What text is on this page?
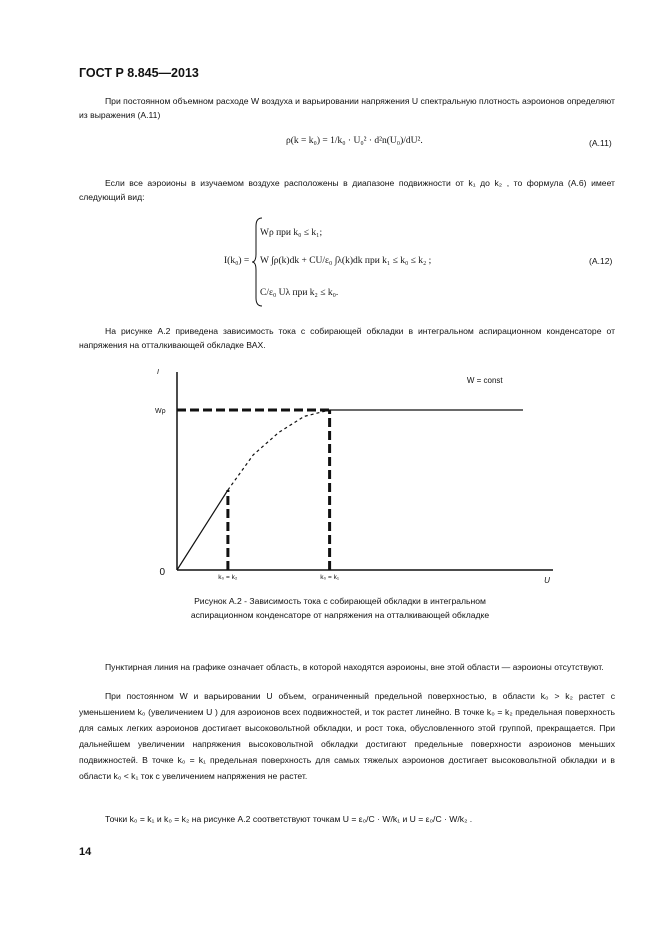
ГОСТ Р 8.845—2013
При постоянном объемном расходе W воздуха и варьировании напряжения U спектральную плотность аэроионов определяют из выражения (А.11)
ρ(k = k₀) = 1/k₀ · U₀² · d²n(U₀)/dU².	(А.11)
Если все аэроионы в изучаемом воздухе расположены в диапазоне подвижности от k₁ до k₂ , то формула (А.6) имеет следующий вид:
I(k₀) =
Wρ при k₀ ≤ k₁;
W ∫ρ(k)dk + CU/ε₀ ∫λ(k)dk при k₁ ≤ k₀ ≤ k₂ ;
C/ε₀ Uλ при k₂ ≤ k₀.
(А.12)
На рисунке А.2 приведена зависимость тока с собирающей обкладки в интегральном аспирационном конденсаторе от напряжения на отталкивающей обкладке ВАХ.
I
Wρ
0
U
W = const
k₀ = k₂	k₀ = k₁
Рисунок А.2 - Зависимость тока с собирающей обкладки в интегральном
аспирационном конденсаторе от напряжения на отталкивающей обкладке
Пунктирная линия на графике означает область, в которой находятся аэроионы, вне этой области — аэроионы отсутствуют.
При постоянном W и варьировании U объем, ограниченный предельной поверхностью, в области k₀ > k₂ растет с уменьшением k₀ (увеличением U ) для аэроионов всех подвижностей, и ток растет линейно. В точке k₀ = k₂ предельная поверхность для самых легких аэроионов достигает высоковольтной обкладки, и рост тока, обусловленного этой группой, прекращается. При дальнейшем увеличении напряжения высоковольтной обкладки достигают предельные поверхности аэроионов меньших подвижностей. В точке k₀ = k₁ предельная поверхность для самых тяжелых аэроионов достигает высоковольтной обкладки и в области k₀ < k₁ ток с увеличением напряжения не растет.
Точки k₀ = k₁ и k₀ = k₂ на рисунке А.2 соответствуют точкам U = ε₀/C · W/k₁ и U = ε₀/C · W/k₂ .
14
